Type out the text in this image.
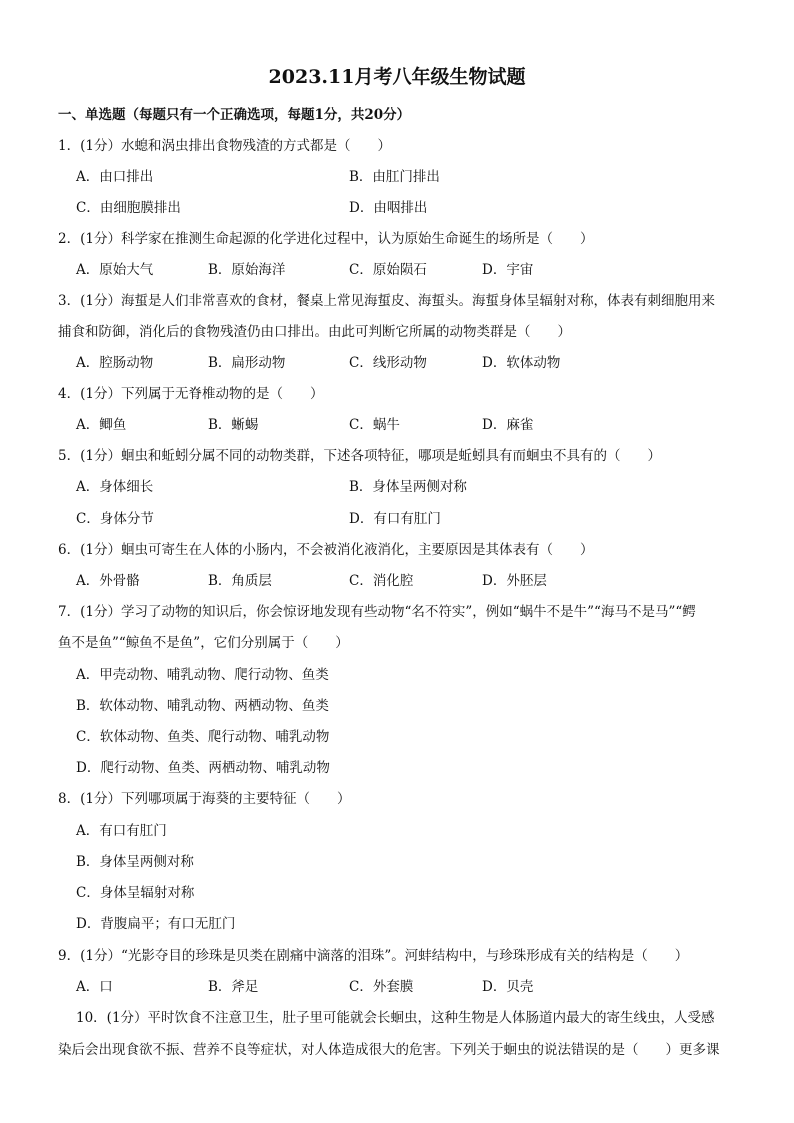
2023.11月考八年级生物试题
一、单选题（每题只有一个正确选项，每题1分，共20分）
1．(1分）水螅和涡虫排出食物残渣的方式都是（　　）
A．由口排出	B．由肛门排出
C．由细胞膜排出	D．由咽排出
2．(1分）科学家在推测生命起源的化学进化过程中，认为原始生命诞生的场所是（　　）
A．原始大气	B．原始海洋	C．原始陨石	D．宇宙
3．(1分）海蜇是人们非常喜欢的食材，餐桌上常见海蜇皮、海蜇头。海蜇身体呈辐射对称，体表有刺细胞用来
捕食和防御，消化后的食物残渣仍由口排出。由此可判断它所属的动物类群是（　　）
A．腔肠动物	B．扁形动物	C．线形动物	D．软体动物
4．(1分）下列属于无脊椎动物的是（　　）
A．鲫鱼	B．蜥蜴	C．蜗牛	D．麻雀
5．(1分）蛔虫和蚯蚓分属不同的动物类群，下述各项特征，哪项是蚯蚓具有而蛔虫不具有的（　　）
A．身体细长	B．身体呈两侧对称
C．身体分节	D．有口有肛门
6．(1分）蛔虫可寄生在人体的小肠内，不会被消化液消化，主要原因是其体表有（　　）
A．外骨骼	B．角质层	C．消化腔	D．外胚层
7．(1分）学习了动物的知识后，你会惊讶地发现有些动物“名不符实”，例如“蜗牛不是牛”“海马不是马”“鳄
鱼不是鱼”“鲸鱼不是鱼”，它们分别属于（　　）
A．甲壳动物、哺乳动物、爬行动物、鱼类
B．软体动物、哺乳动物、两栖动物、鱼类
C．软体动物、鱼类、爬行动物、哺乳动物
D．爬行动物、鱼类、两栖动物、哺乳动物
8．(1分）下列哪项属于海葵的主要特征（　　）
A．有口有肛门
B．身体呈两侧对称
C．身体呈辐射对称
D．背腹扁平；有口无肛门
9．(1分）“光影夺目的珍珠是贝类在剧痛中滴落的泪珠”。河蚌结构中，与珍珠形成有关的结构是（　　）
A．口	B．斧足	C．外套膜	D．贝壳
10．(1分）平时饮食不注意卫生，肚子里可能就会长蛔虫，这种生物是人体肠道内最大的寄生线虫，人受感
染后会出现食欲不振、营养不良等症状，对人体造成很大的危害。下列关于蛔虫的说法错误的是（　　）更多课
